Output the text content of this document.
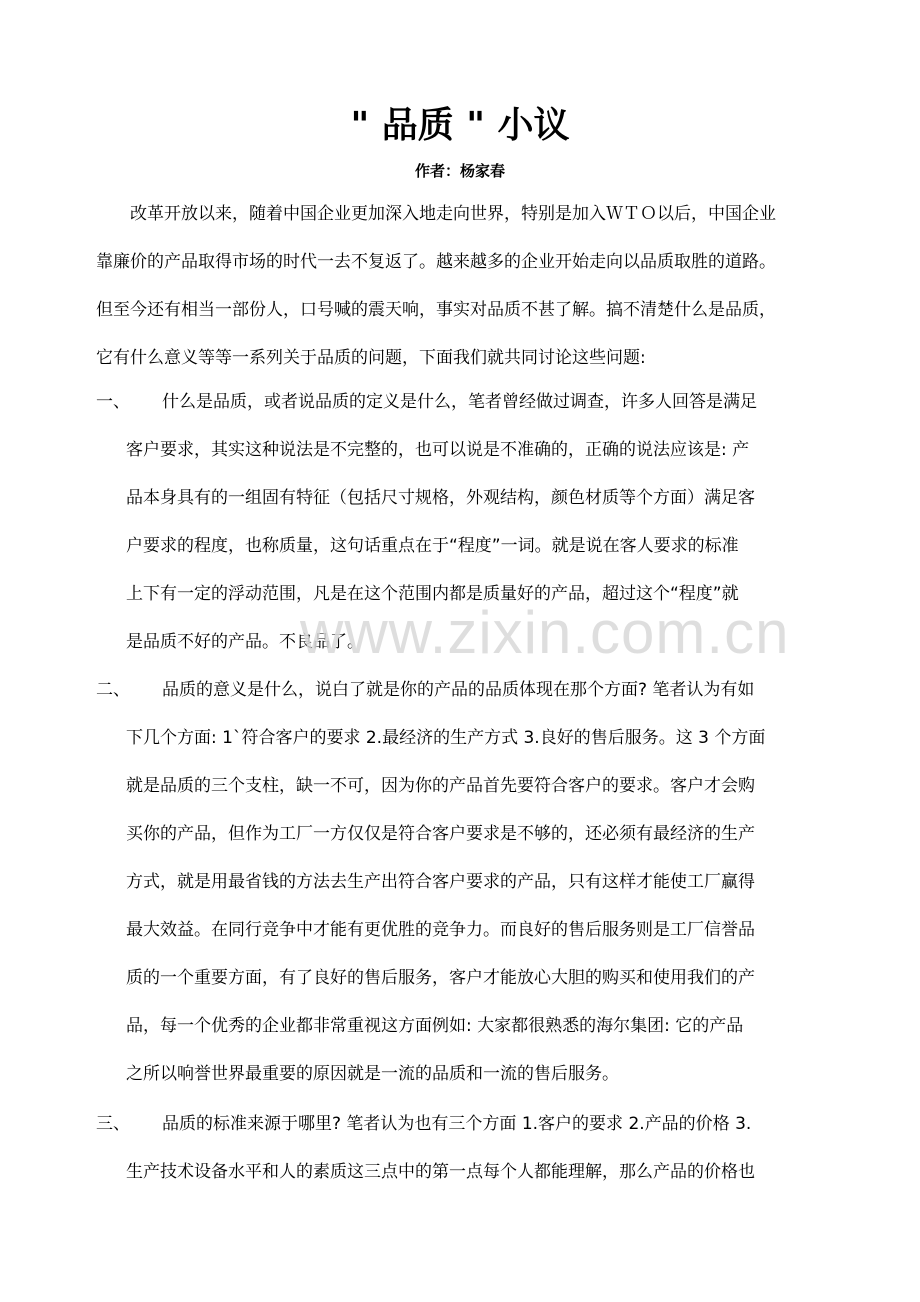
" 品质 " 小议
作者：杨家春
　　改革开放以来，随着中国企业更加深入地走向世界，特别是加入ＷＴＯ以后，中国企业
靠廉价的产品取得市场的时代一去不复返了。越来越多的企业开始走向以品质取胜的道路。
但至今还有相当一部份人，口号喊的震天响，事实对品质不甚了解。搞不清楚什么是品质，
它有什么意义等等一系列关于品质的问题，下面我们就共同讨论这些问题:
一、 什么是品质，或者说品质的定义是什么，笔者曾经做过调查，许多人回答是满足
客户要求，其实这种说法是不完整的，也可以说是不准确的，正确的说法应该是: 产
品本身具有的一组固有特征（包括尺寸规格，外观结构，颜色材质等个方面）满足客
户要求的程度，也称质量，这句话重点在于“程度”一词。就是说在客人要求的标准
上下有一定的浮动范围，凡是在这个范围内都是质量好的产品，超过这个“程度”就
是品质不好的产品。不良品了。
二、 品质的意义是什么，说白了就是你的产品的品质体现在那个方面? 笔者认为有如
下几个方面: 1`符合客户的要求 2.最经济的生产方式 3.良好的售后服务。这 3 个方面
就是品质的三个支柱，缺一不可，因为你的产品首先要符合客户的要求。客户才会购
买你的产品，但作为工厂一方仅仅是符合客户要求是不够的，还必须有最经济的生产
方式，就是用最省钱的方法去生产出符合客户要求的产品，只有这样才能使工厂赢得
最大效益。在同行竞争中才能有更优胜的竞争力。而良好的售后服务则是工厂信誉品
质的一个重要方面，有了良好的售后服务，客户才能放心大胆的购买和使用我们的产
品，每一个优秀的企业都非常重视这方面例如: 大家都很熟悉的海尔集团: 它的产品
之所以响誉世界最重要的原因就是一流的品质和一流的售后服务。
三、 品质的标准来源于哪里? 笔者认为也有三个方面 1.客户的要求 2.产品的价格 3.
生产技术设备水平和人的素质这三点中的第一点每个人都能理解，那么产品的价格也
www.zixin.com.cn
